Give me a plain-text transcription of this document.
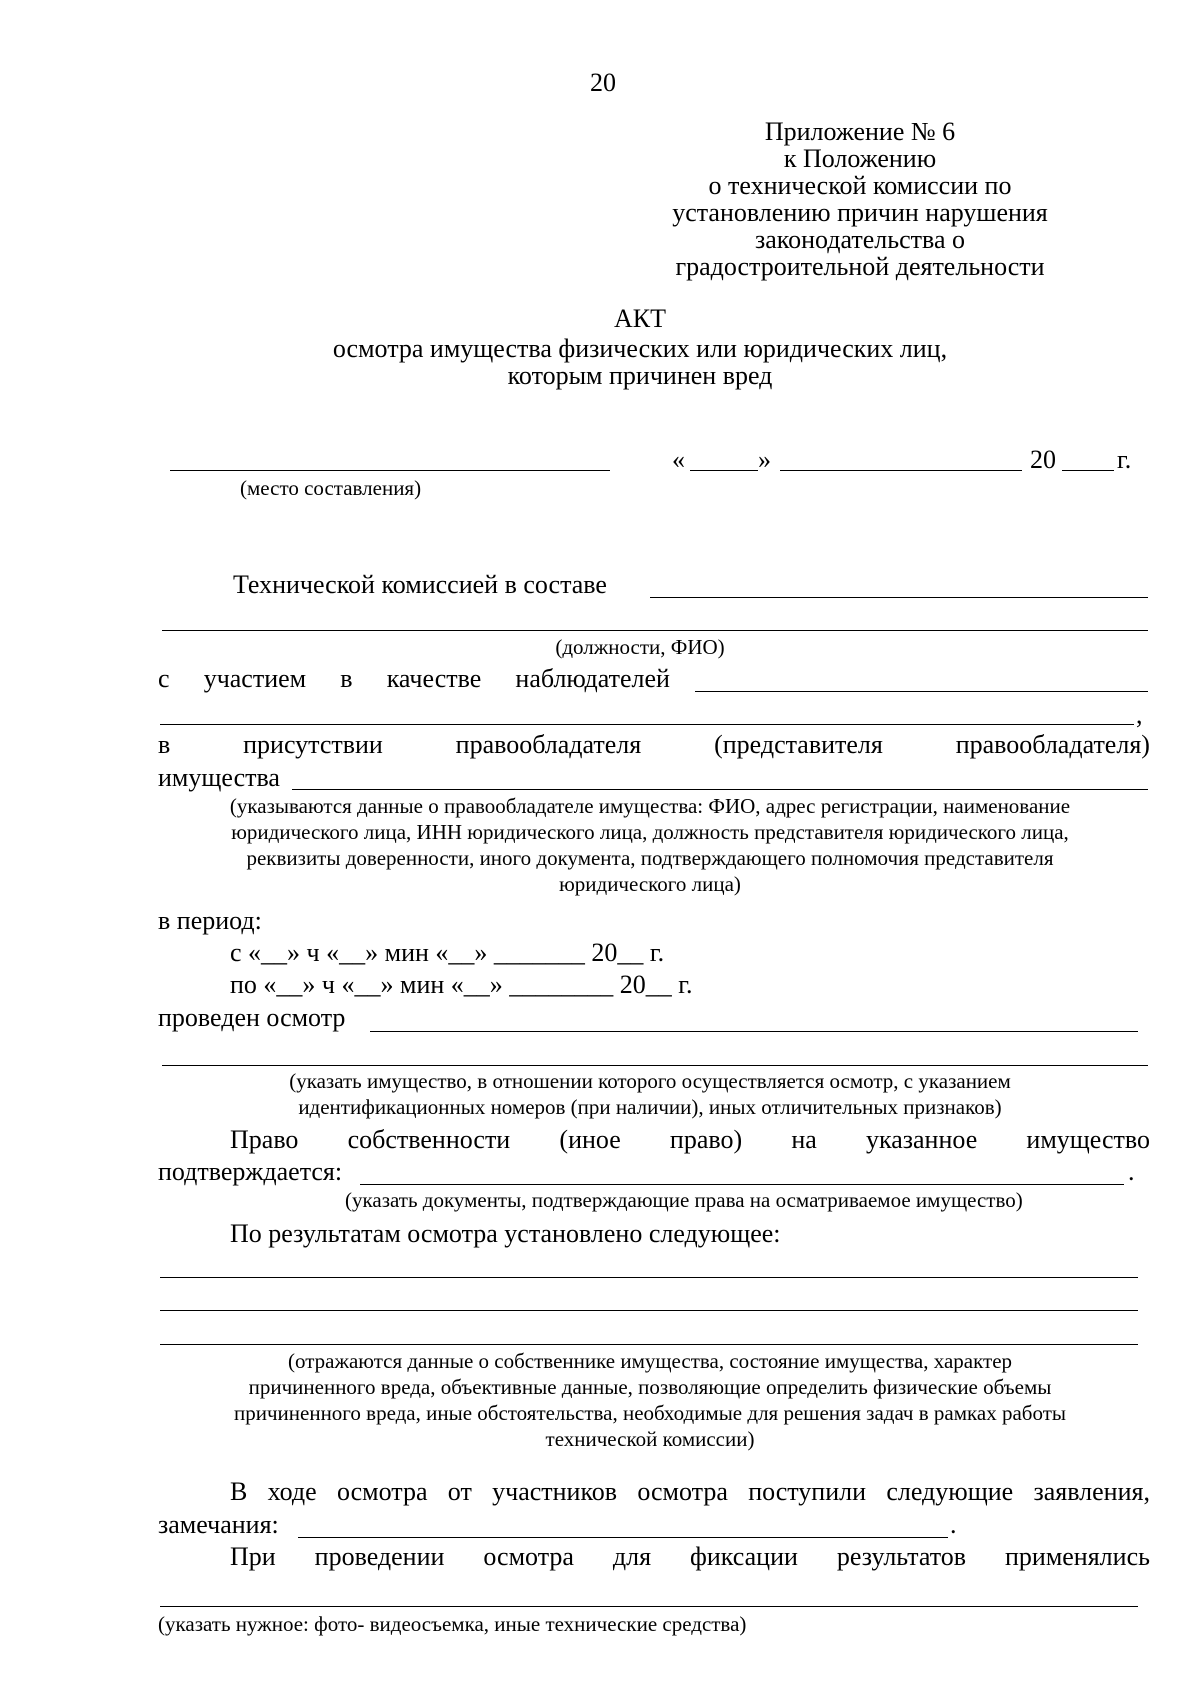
20
Приложение № 6
к Положению
о технической комиссии по
установлению причин нарушения
законодательства о
градостроительной деятельности
АКТ
осмотра имущества физических или юридических лиц,
которым причинен вред
«	»	20 г.
(место составления)
Технической комиссией в составе
(должности, ФИО)
с участием в качестве наблюдателей
,
в	присутствии	правообладателя	(представителя	правообладателя)
имущества
(указываются данные о правообладателе имущества: ФИО, адрес регистрации, наименование
юридического лица, ИНН юридического лица, должность представителя юридического лица,
реквизиты доверенности, иного документа, подтверждающего полномочия представителя
юридического лица)
в период:
с «__» ч «__» мин «__» _______ 20__ г.
по «__» ч «__» мин «__» ________ 20__ г.
проведен осмотр
(указать имущество, в отношении которого осуществляется осмотр, с указанием
идентификационных номеров (при наличии), иных отличительных признаков)
Право собственности (иное право) на указанное имущество
подтверждается:	.
(указать документы, подтверждающие права на осматриваемое имущество)
По результатам осмотра установлено следующее:
(отражаются данные о собственнике имущества, состояние имущества, характер
причиненного вреда, объективные данные, позволяющие определить физические объемы
причиненного вреда, иные обстоятельства, необходимые для решения задач в рамках работы
технической комиссии)
В ходе осмотра от участников осмотра поступили следующие заявления,
замечания:	.
При проведении осмотра для фиксации результатов применялись
(указать нужное: фото- видеосъемка, иные технические средства)
